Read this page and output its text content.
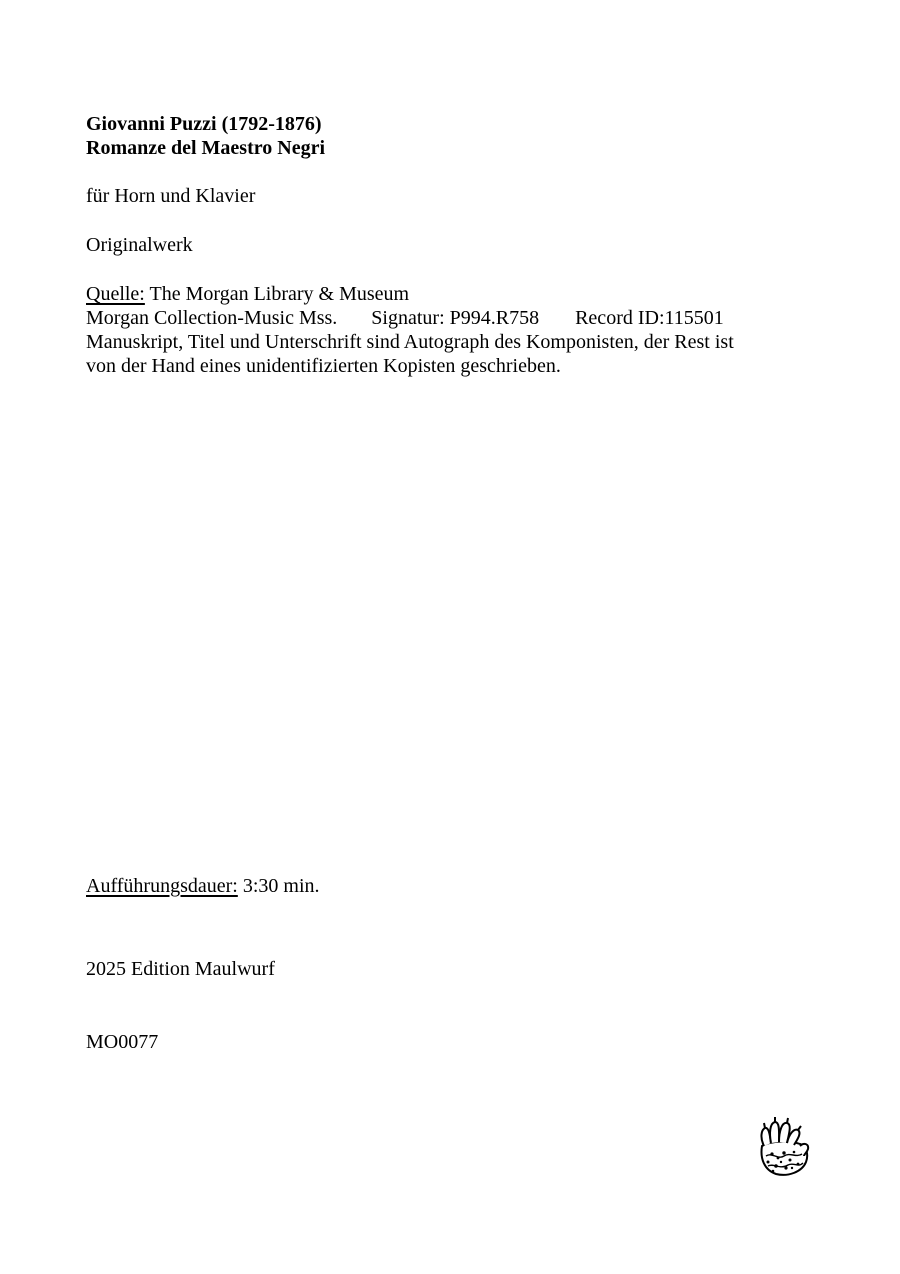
Giovanni Puzzi (1792-1876)
Romanze del Maestro Negri
für Horn und Klavier
Originalwerk
Quelle: The Morgan Library & Museum
Morgan Collection-Music Mss. Signatur: P994.R758 Record ID:115501
Manuskript, Titel und Unterschrift sind Autograph des Komponisten, der Rest ist
von der Hand eines unidentifizierten Kopisten geschrieben.
Aufführungsdauer: 3:30 min.
2025 Edition Maulwurf
MO0077
